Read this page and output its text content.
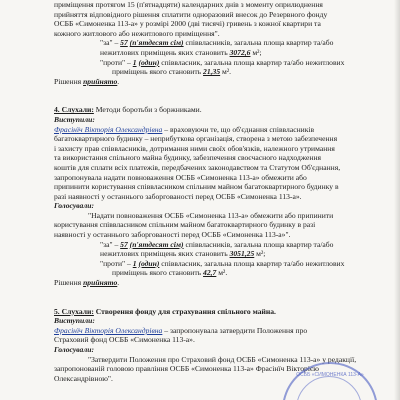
приміщення протягом 15 (п'ятнадцяти) календарних днів з моменту оприлюднення
прийняття відповідного рішення сплатити одноразовий внесок до Резервного фонду
ОСББ «Симоненка 113-а» у розмірі 2000 (дві тисячі) гривень з кожної квартири та
кожного житлового або нежитлового приміщення".
"за" – 57 (п'ятдесят сім) співвласників, загальна площа квартир та/або
нежитлових приміщень яких становить 3072,6 м²;
"проти" – 1 (один) співвласник, загальна площа квартир та/або нежитлових
приміщень якого становить 21,35 м².
Рішення прийнято.
4. Слухали: Методи боротьби з боржниками.
Виступили:
Фрасінїч Вікторія Олександрівна – враховуючи те, що об'єднання співвласників
багатоквартирного будинку – неприбуткова організація, створена з метою забезпечення
і захисту прав співвласників, дотримання ними своїх обов'язків, належного утримання
та використання спільного майна будинку, забезпечення своєчасного надходження
коштів для сплати всіх платежів, передбачених законодавством та Статутом Об'єднання,
запропонувала надати повноваження ОСББ «Симоненка 113-а» обмежити або
припинити користування співвласником спільним майном багатоквартирного будинку в
разі наявності у останнього заборгованості перед ОСББ «Симоненка 113-а».
Голосували:
"Надати повноваження ОСББ «Симоненка 113-а» обмежити або припинити
користування співвласником спільним майном багатоквартирного будинку в разі
наявності у останнього заборгованості перед ОСББ «Симоненка 113-а»".
"за" – 57 (п'ятдесят сім) співвласників, загальна площа квартир та/або
нежитлових приміщень яких становить 3051,25 м²;
"проти" – 1 (один) співвласник, загальна площа квартир та/або нежитлових
приміщень якого становить 42,7 м².
Рішення прийнято.
5. Слухали: Створення фонду для страхування спільного майна.
Виступили:
Фрасінїч Вікторія Олександрівна – запропонувала затвердити Положення про
Страховий фонд ОСББ «Симоненка 113-а».
Голосували:
"Затвердити Положення про Страховий фонд ОСББ «Симоненка 113-а» у редакції,
запропонованій головою правління ОСББ «Симоненка 113-а» Фрасінїч Вікторією
Олександрівною".	ОСББ «СИМОНЕНКА 113-А»
